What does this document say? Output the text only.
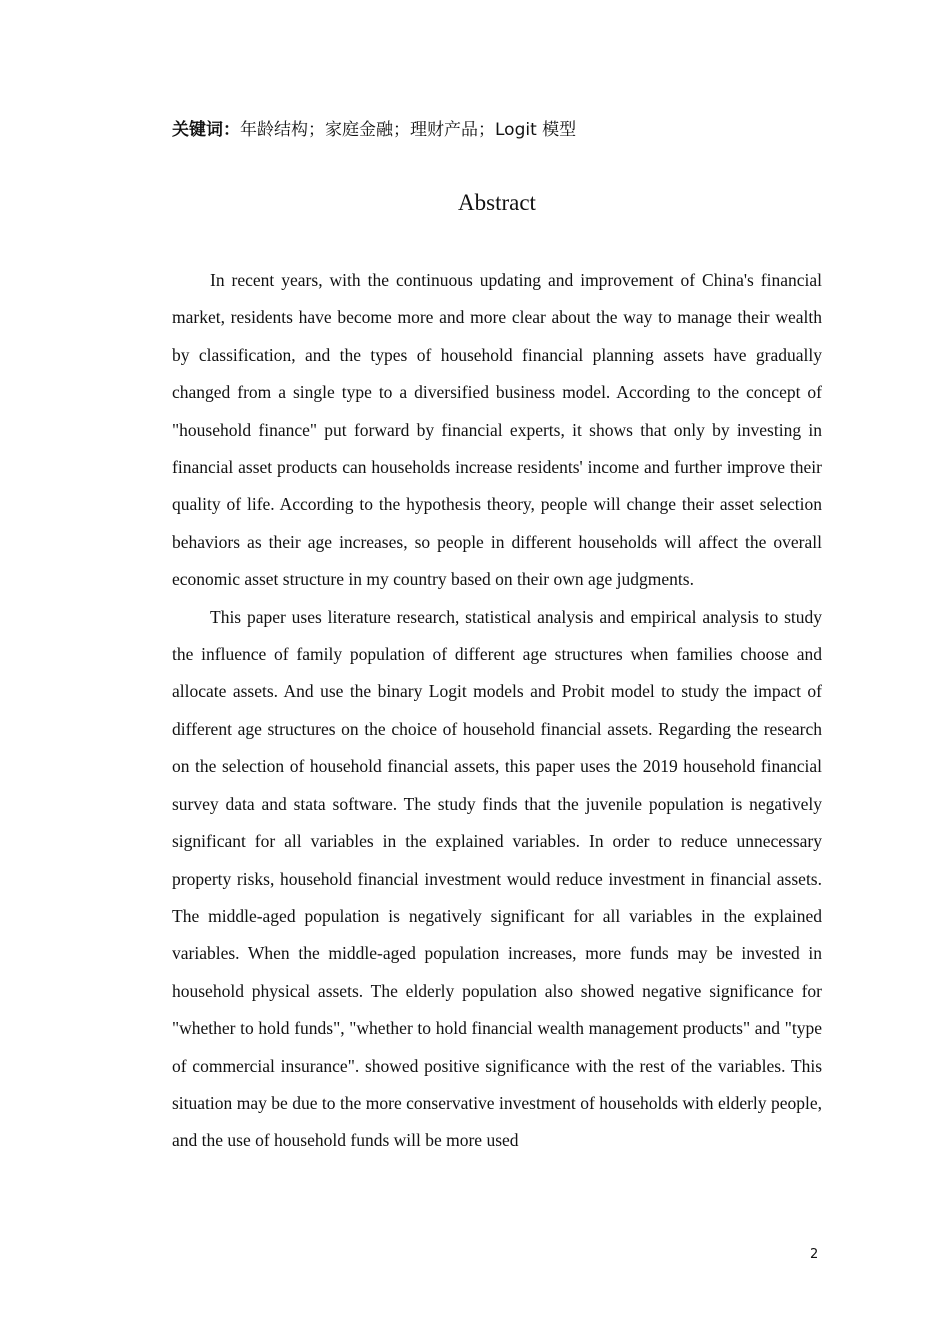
关键词：年龄结构；家庭金融；理财产品；Logit 模型
Abstract

In recent years, with the continuous updating and improvement of China's financial market, residents have become more and more clear about the way to manage their wealth by classification, and the types of household financial planning assets have gradually changed from a single type to a diversified business model. According to the concept of "household finance" put forward by financial experts, it shows that only by investing in financial asset products can households increase residents' income and further improve their quality of life. According to the hypothesis theory, people will change their asset selection behaviors as their age increases, so people in different households will affect the overall economic asset structure in my country based on their own age judgments.

This paper uses literature research, statistical analysis and empirical analysis to study the influence of family population of different age structures when families choose and allocate assets. And use the binary Logit models and Probit model to study the impact of different age structures on the choice of household financial assets. Regarding the research on the selection of household financial assets, this paper uses the 2019 household financial survey data and stata software. The study finds that the juvenile population is negatively significant for all variables in the explained variables. In order to reduce unnecessary property risks, household financial investment would reduce investment in financial assets. The middle-aged population is negatively significant for all variables in the explained variables. When the middle-aged population increases, more funds may be invested in household physical assets. The elderly population also showed negative significance for "whether to hold funds", "whether to hold financial wealth management products" and "type of commercial insurance". showed positive significance with the rest of the variables. This situation may be due to the more conservative investment of households with elderly people, and the use of household funds will be more used

2
